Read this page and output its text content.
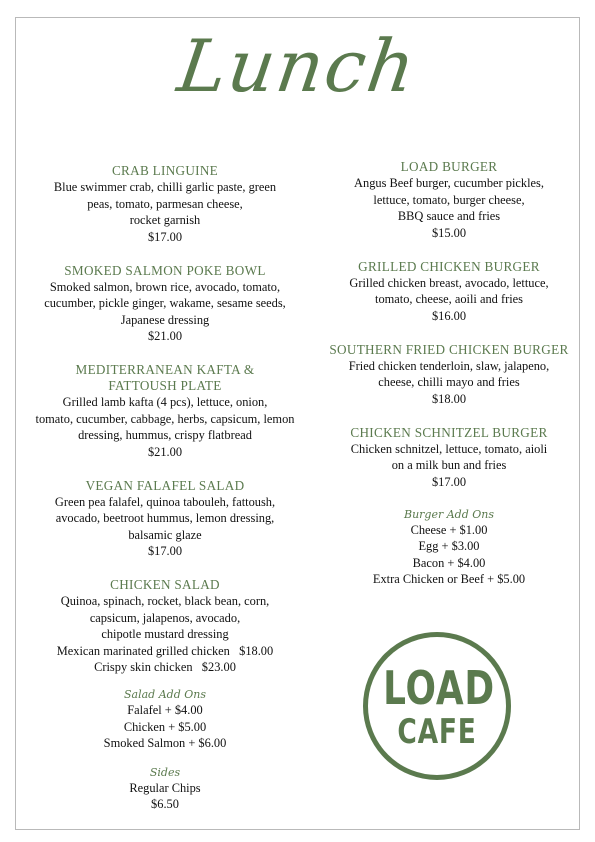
Lunch
CRAB LINGUINE
Blue swimmer crab, chilli garlic paste, green
peas, tomato, parmesan cheese,
rocket garnish
$17.00
SMOKED SALMON POKE BOWL
Smoked salmon, brown rice, avocado, tomato,
cucumber, pickle ginger, wakame, sesame seeds,
Japanese dressing
$21.00
MEDITERRANEAN KAFTA &
FATTOUSH PLATE
Grilled lamb kafta (4 pcs), lettuce, onion,
tomato, cucumber, cabbage, herbs, capsicum, lemon
dressing, hummus, crispy flatbread
$21.00
VEGAN FALAFEL SALAD
Green pea falafel, quinoa tabouleh, fattoush,
avocado, beetroot hummus, lemon dressing,
balsamic glaze
$17.00
CHICKEN SALAD
Quinoa, spinach, rocket, black bean, corn,
capsicum, jalapenos, avocado,
chipotle mustard dressing
Mexican marinated grilled chicken   $18.00
Crispy skin chicken   $23.00
Salad Add Ons
Falafel + $4.00
Chicken + $5.00
Smoked Salmon + $6.00
Sides
Regular Chips
$6.50
LOAD BURGER
Angus Beef burger, cucumber pickles,
lettuce, tomato, burger cheese,
BBQ sauce and fries
$15.00
GRILLED CHICKEN BURGER
Grilled chicken breast, avocado, lettuce,
tomato, cheese, aoili and fries
$16.00
SOUTHERN FRIED CHICKEN BURGER
Fried chicken tenderloin, slaw, jalapeno,
cheese, chilli mayo and fries
$18.00
CHICKEN SCHNITZEL BURGER
Chicken schnitzel, lettuce, tomato, aioli
on a milk bun and fries
$17.00
Burger Add Ons
Cheese + $1.00
Egg + $3.00
Bacon + $4.00
Extra Chicken or Beef + $5.00
LOAD
CAFE
